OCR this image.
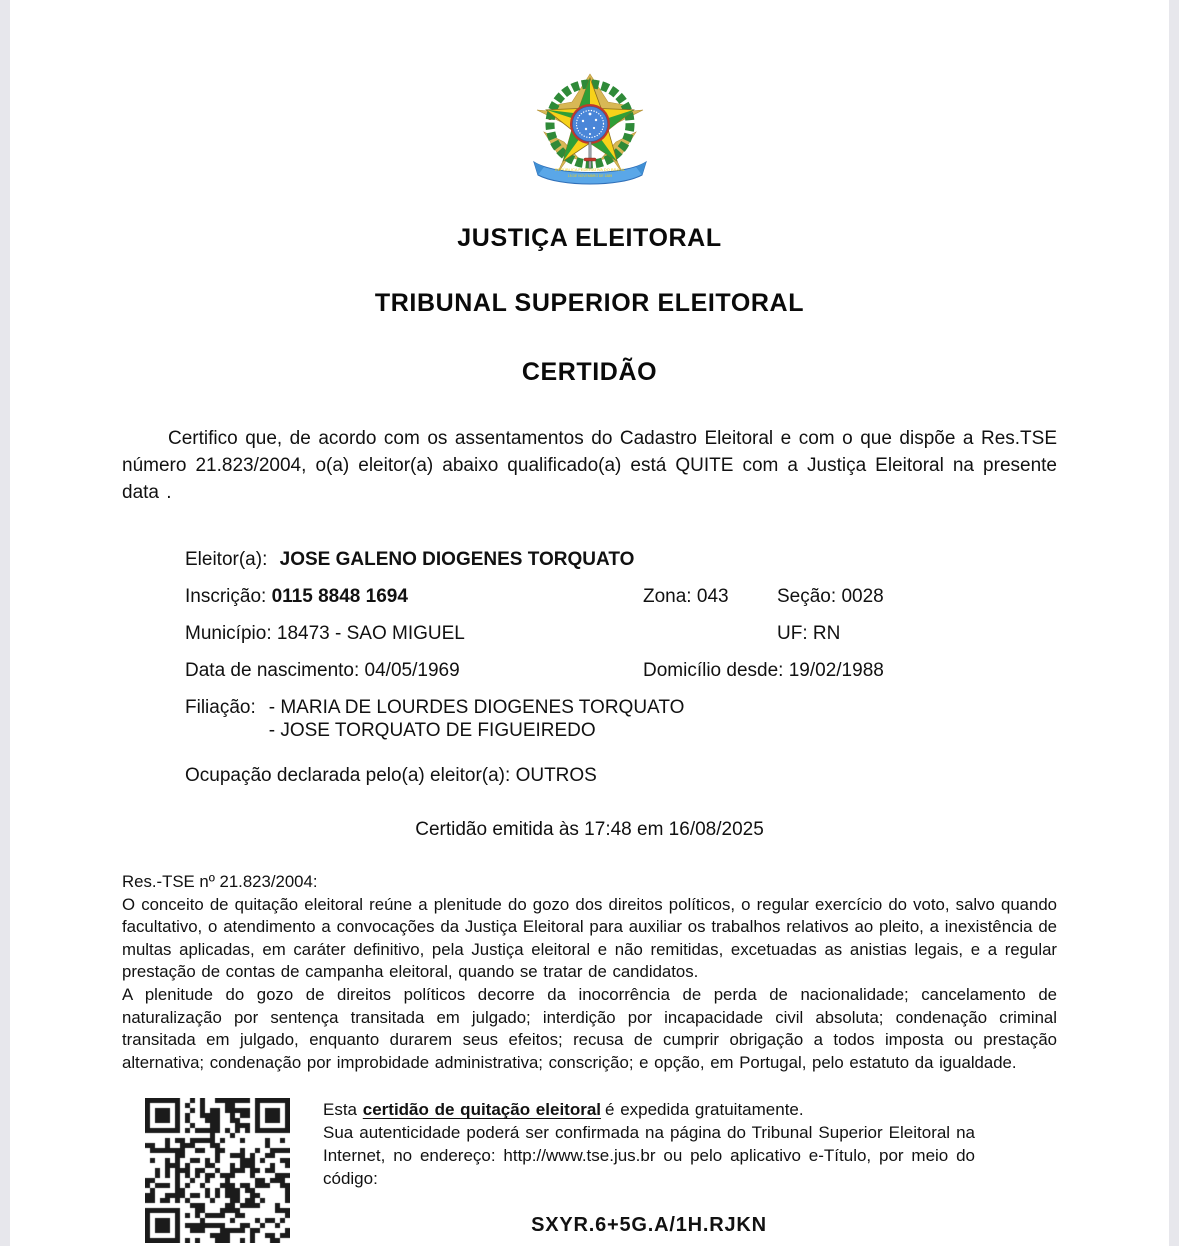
REPÚBLICA FEDERATIVA DO BRASIL
15 DE NOVEMBRO DE 1889
JUSTIÇA ELEITORAL
TRIBUNAL SUPERIOR ELEITORAL
CERTIDÃO

Certifico que, de acordo com os assentamentos do Cadastro Eleitoral e com o que dispõe a Res.TSE número 21.823/2004, o(a) eleitor(a) abaixo qualificado(a) está QUITE com a Justiça Eleitoral na presente data .

Eleitor(a): JOSE GALENO DIOGENES TORQUATO
Inscrição: 0115 8848 1694	Zona: 043	Seção: 0028
Município: 18473 - SAO MIGUEL	UF: RN
Data de nascimento: 04/05/1969	Domicílio desde: 19/02/1988
Filiação: - MARIA DE LOURDES DIOGENES TORQUATO
- JOSE TORQUATO DE FIGUEIREDO
Ocupação declarada pelo(a) eleitor(a): OUTROS

Certidão emitida às 17:48 em 16/08/2025

Res.-TSE nº 21.823/2004:

O conceito de quitação eleitoral reúne a plenitude do gozo dos direitos políticos, o regular exercício do voto, salvo quando facultativo, o atendimento a convocações da Justiça Eleitoral para auxiliar os trabalhos relativos ao pleito, a inexistência de multas aplicadas, em caráter definitivo, pela Justiça eleitoral e não remitidas, excetuadas as anistias legais, e a regular prestação de contas de campanha eleitoral, quando se tratar de candidatos.

A plenitude do gozo de direitos políticos decorre da inocorrência de perda de nacionalidade; cancelamento de naturalização por sentença transitada em julgado; interdição por incapacidade civil absoluta; condenação criminal transitada em julgado, enquanto durarem seus efeitos; recusa de cumprir obrigação a todos imposta ou prestação alternativa; condenação por improbidade administrativa; conscrição; e opção, em Portugal, pelo estatuto da igualdade.

Esta certidão de quitação eleitoral é expedida gratuitamente.

Sua autenticidade poderá ser confirmada na página do Tribunal Superior Eleitoral na Internet, no endereço: http://www.tse.jus.br ou pelo aplicativo e-Título, por meio do código:

SXYR.6+5G.A/1H.RJKN
